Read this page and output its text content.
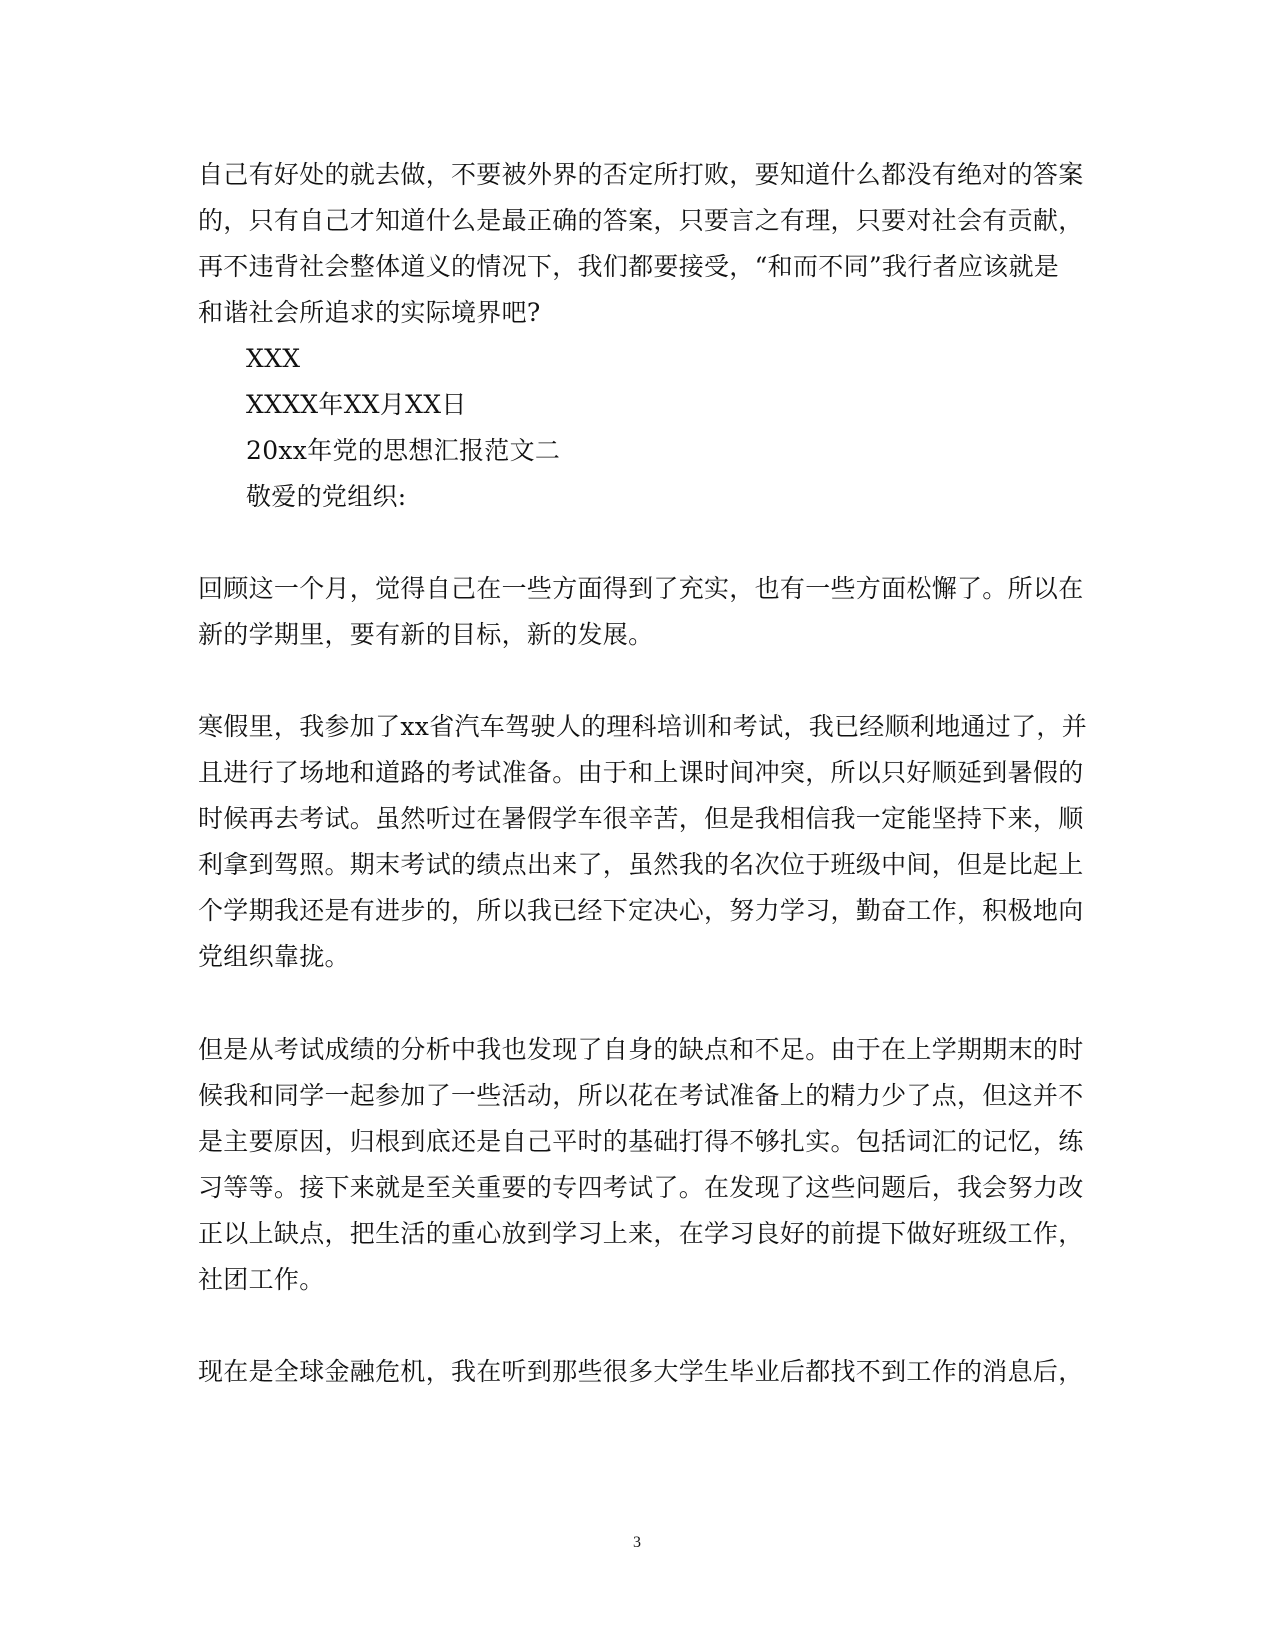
自己有好处的就去做，不要被外界的否定所打败，要知道什么都没有绝对的答案
的，只有自己才知道什么是最正确的答案，只要言之有理，只要对社会有贡献，
再不违背社会整体道义的情况下，我们都要接受，“和而不同”我行者应该就是
和谐社会所追求的实际境界吧?
XXX
XXXX年XX月XX日
20xx年党的思想汇报范文二
敬爱的党组织:
回顾这一个月，觉得自己在一些方面得到了充实，也有一些方面松懈了。所以在
新的学期里，要有新的目标，新的发展。
寒假里，我参加了xx省汽车驾驶人的理科培训和考试，我已经顺利地通过了，并
且进行了场地和道路的考试准备。由于和上课时间冲突，所以只好顺延到暑假的
时候再去考试。虽然听过在暑假学车很辛苦，但是我相信我一定能坚持下来，顺
利拿到驾照。期末考试的绩点出来了，虽然我的名次位于班级中间，但是比起上
个学期我还是有进步的，所以我已经下定决心，努力学习，勤奋工作，积极地向
党组织靠拢。
但是从考试成绩的分析中我也发现了自身的缺点和不足。由于在上学期期末的时
候我和同学一起参加了一些活动，所以花在考试准备上的精力少了点，但这并不
是主要原因，归根到底还是自己平时的基础打得不够扎实。包括词汇的记忆，练
习等等。接下来就是至关重要的专四考试了。在发现了这些问题后，我会努力改
正以上缺点，把生活的重心放到学习上来，在学习良好的前提下做好班级工作，
社团工作。
现在是全球金融危机，我在听到那些很多大学生毕业后都找不到工作的消息后，
3
